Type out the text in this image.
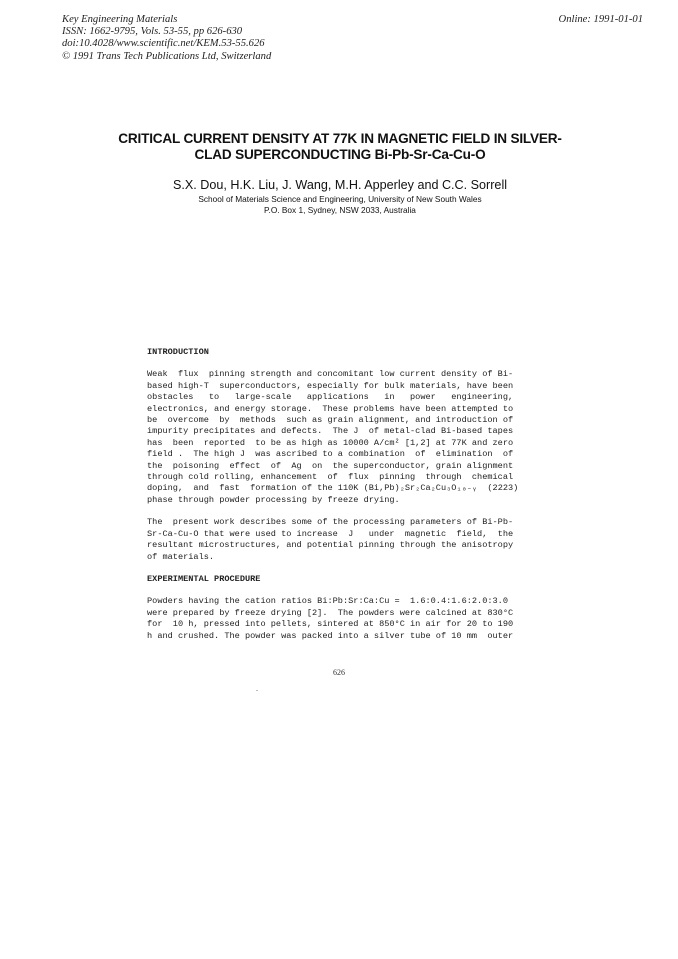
Key Engineering Materials
ISSN: 1662-9795, Vols. 53-55, pp 626-630
doi:10.4028/www.scientific.net/KEM.53-55.626
© 1991 Trans Tech Publications Ltd, Switzerland
Online: 1991-01-01
CRITICAL CURRENT DENSITY AT 77K IN MAGNETIC FIELD IN SILVER-
CLAD SUPERCONDUCTING Bi-Pb-Sr-Ca-Cu-O
S.X. Dou, H.K. Liu, J. Wang, M.H. Apperley and C.C. Sorrell
School of Materials Science and Engineering, University of New South Wales
P.O. Box 1, Sydney, NSW 2033, Australia
INTRODUCTION
Weak  flux  pinning strength and concomitant low current density of Bi-
based high-T  superconductors, especially for bulk materials, have been
obstacles   to   large-scale   applications   in   power   engineering,
electronics, and energy storage.  These problems have been attempted to
be  overcome  by  methods  such as grain alignment, and introduction of
impurity precipitates and defects.  The J  of metal-clad Bi-based tapes
has  been  reported  to be as high as 10000 A/cm² [1,2] at 77K and zero
field .  The high J  was ascribed to a combination  of  elimination  of
the  poisoning  effect  of  Ag  on  the superconductor, grain alignment
through cold rolling, enhancement  of  flux  pinning  through  chemical
doping,  and  fast  formation of the 110K (Bi,Pb)₂Sr₂Ca₂Cu₃O₁₀₋ᵧ  (2223)
phase through powder processing by freeze drying.
The  present work describes some of the processing parameters of Bi-Pb-
Sr-Ca-Cu-O that were used to increase  J   under  magnetic  field,  the
resultant microstructures, and potential pinning through the anisotropy
of materials.
EXPERIMENTAL PROCEDURE
Powders having the cation ratios Bi:Pb:Sr:Ca:Cu =  1.6:0.4:1.6:2.0:3.0
were prepared by freeze drying [2].  The powders were calcined at 830°C
for  10 h, pressed into pellets, sintered at 850°C in air for 20 to 190
h and crushed. The powder was packed into a silver tube of 10 mm  outer
626
